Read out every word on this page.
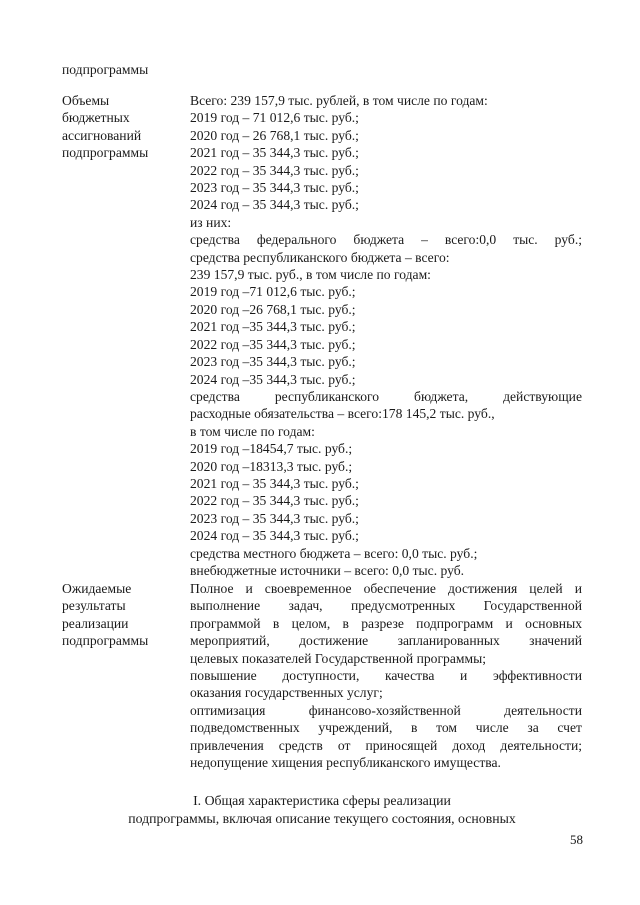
подпрограммы
Объемы
бюджетных
ассигнований
подпрограммы
Всего: 239 157,9 тыс. рублей, в том числе по годам:
2019 год – 71 012,6 тыс. руб.;
2020 год – 26 768,1 тыс. руб.;
2021 год – 35 344,3 тыс. руб.;
2022 год – 35 344,3 тыс. руб.;
2023 год – 35 344,3 тыс. руб.;
2024 год – 35 344,3 тыс. руб.;
из них:
средства федерального бюджета – всего:0,0 тыс. руб.;
средства республиканского бюджета – всего:
239 157,9 тыс. руб., в том числе по годам:
2019 год –71 012,6 тыс. руб.;
2020 год –26 768,1 тыс. руб.;
2021 год –35 344,3 тыс. руб.;
2022 год –35 344,3 тыс. руб.;
2023 год –35 344,3 тыс. руб.;
2024 год –35 344,3 тыс. руб.;
средства республиканского бюджета, действующие
расходные обязательства – всего:178 145,2 тыс. руб.,
в том числе по годам:
2019 год –18454,7 тыс. руб.;
2020 год –18313,3 тыс. руб.;
2021 год – 35 344,3 тыс. руб.;
2022 год – 35 344,3 тыс. руб.;
2023 год – 35 344,3 тыс. руб.;
2024 год – 35 344,3 тыс. руб.;
средства местного бюджета – всего: 0,0 тыс. руб.;
внебюджетные источники – всего: 0,0 тыс. руб.
Ожидаемые
результаты
реализации
подпрограммы
Полное и своевременное обеспечение достижения целей и
выполнение задач, предусмотренных Государственной
программой в целом, в разрезе подпрограмм и основных
мероприятий, достижение запланированных значений
целевых показателей Государственной программы;
повышение доступности, качества и эффективности
оказания государственных услуг;
оптимизация финансово-хозяйственной деятельности
подведомственных учреждений, в том числе за счет
привлечения средств от приносящей доход деятельности;
недопущение хищения республиканского имущества.
I. Общая характеристика сферы реализации
подпрограммы, включая описание текущего состояния, основных
58
